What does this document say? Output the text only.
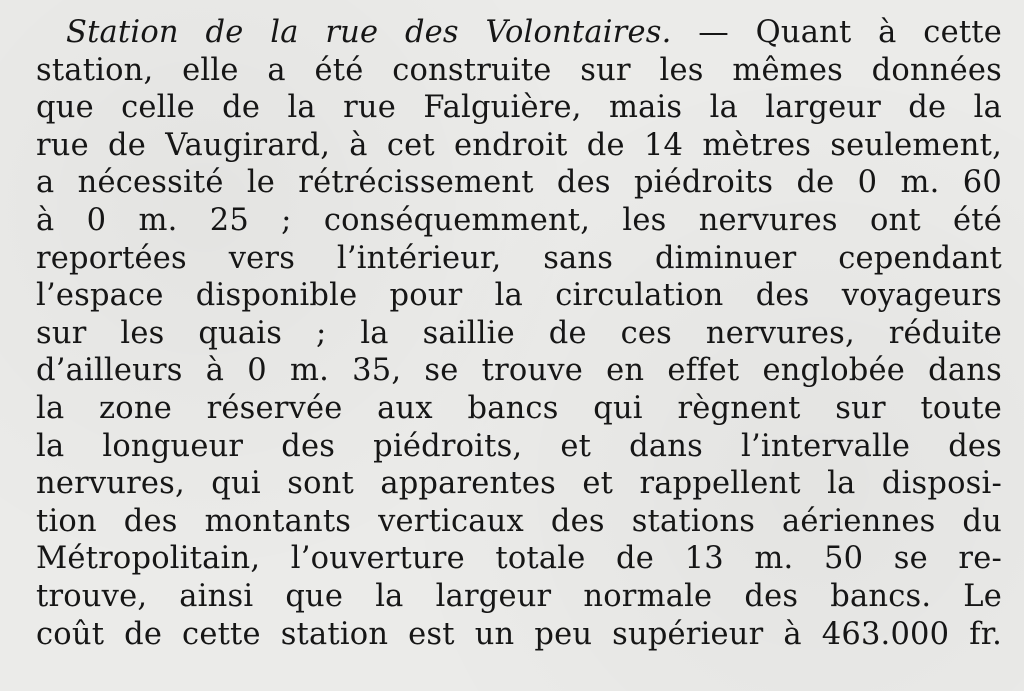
Station de la rue des Volontaires. — Quant à cette
station, elle a été construite sur les mêmes données
que celle de la rue Falguière, mais la largeur de la
rue de Vaugirard, à cet endroit de 14 mètres seulement,
a nécessité le rétrécissement des piédroits de 0 m. 60
à 0 m. 25 ; conséquemment, les nervures ont été
reportées vers l’intérieur, sans diminuer cependant
l’espace disponible pour la circulation des voyageurs
sur les quais ; la saillie de ces nervures, réduite
d’ailleurs à 0 m. 35, se trouve en effet englobée dans
la zone réservée aux bancs qui règnent sur toute
la longueur des piédroits, et dans l’intervalle des
nervures, qui sont apparentes et rappellent la disposi-
tion des montants verticaux des stations aériennes du
Métropolitain, l’ouverture totale de 13 m. 50 se re-
trouve, ainsi que la largeur normale des bancs. Le
coût de cette station est un peu supérieur à 463.000 fr.
